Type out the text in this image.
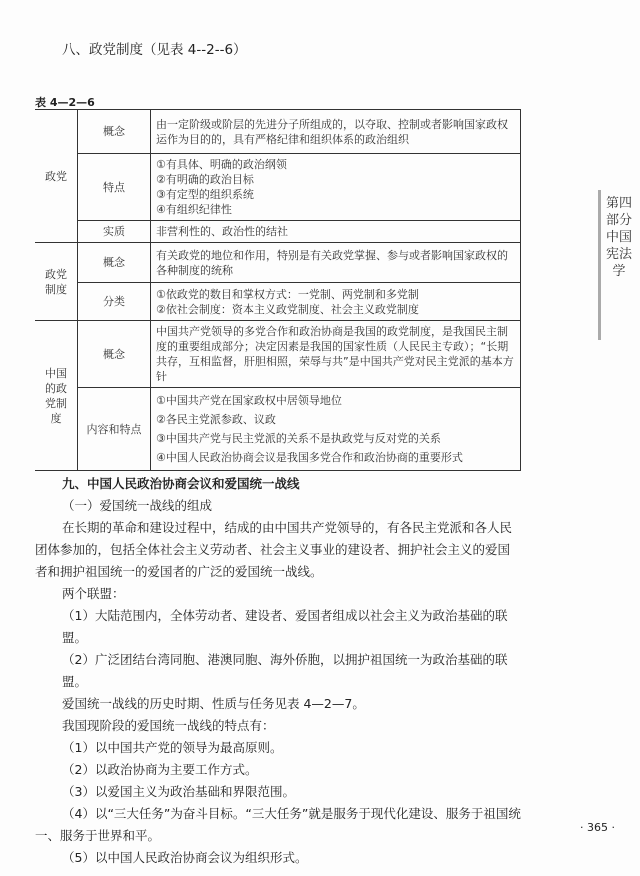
八、政党制度（见表 4--2--6）
表 4—2—6
政党	概念	由一定阶级或阶层的先进分子所组成的，以夺取、控制或者影响国家政权运作为目的的，具有严格纪律和组织体系的政治组织
	特点	①有具体、明确的政治纲领
②有明确的政治目标
③有定型的组织系统
④有组织纪律性

	实质	非营利性的、政治性的结社
政党制度	概念	有关政党的地位和作用，特别是有关政党掌握、参与或者影响国家政权的各种制度的统称
	分类	①依政党的数目和掌权方式：一党制、两党制和多党制
②依社会制度：资本主义政党制度、社会主义政党制度

中国的政党制度	概念	中国共产党领导的多党合作和政治协商是我国的政党制度，是我国民主制度的重要组成部分；决定因素是我国的国家性质（人民民主专政）；“长期共存，互相监督，肝胆相照，荣辱与共”是中国共产党对民主党派的基本方针
	内容和特点	①中国共产党在国家政权中居领导地位
②各民主党派参政、议政
③中国共产党与民主党派的关系不是执政党与反对党的关系
④中国人民政治协商会议是我国多党合作和政治协商的重要形式
九、中国人民政治协商会议和爱国统一战线
（一）爱国统一战线的组成
在长期的革命和建设过程中，结成的由中国共产党领导的，有各民主党派和各人民团体参加的，包括全体社会主义劳动者、社会主义事业的建设者、拥护社会主义的爱国者和拥护祖国统一的爱国者的广泛的爱国统一战线。
两个联盟：
（1）大陆范围内，全体劳动者、建设者、爱国者组成以社会主义为政治基础的联盟。
（2）广泛团结台湾同胞、港澳同胞、海外侨胞，以拥护祖国统一为政治基础的联盟。
爱国统一战线的历史时期、性质与任务见表 4—2—7。
我国现阶段的爱国统一战线的特点有：
（1）以中国共产党的领导为最高原则。
（2）以政治协商为主要工作方式。
（3）以爱国主义为政治基础和界限范围。
（4）以“三大任务”为奋斗目标。“三大任务”就是服务于现代化建设、服务于祖国统一、服务于世界和平。
（5）以中国人民政治协商会议为组织形式。
· 365 ·
第四部分 中国宪法学
